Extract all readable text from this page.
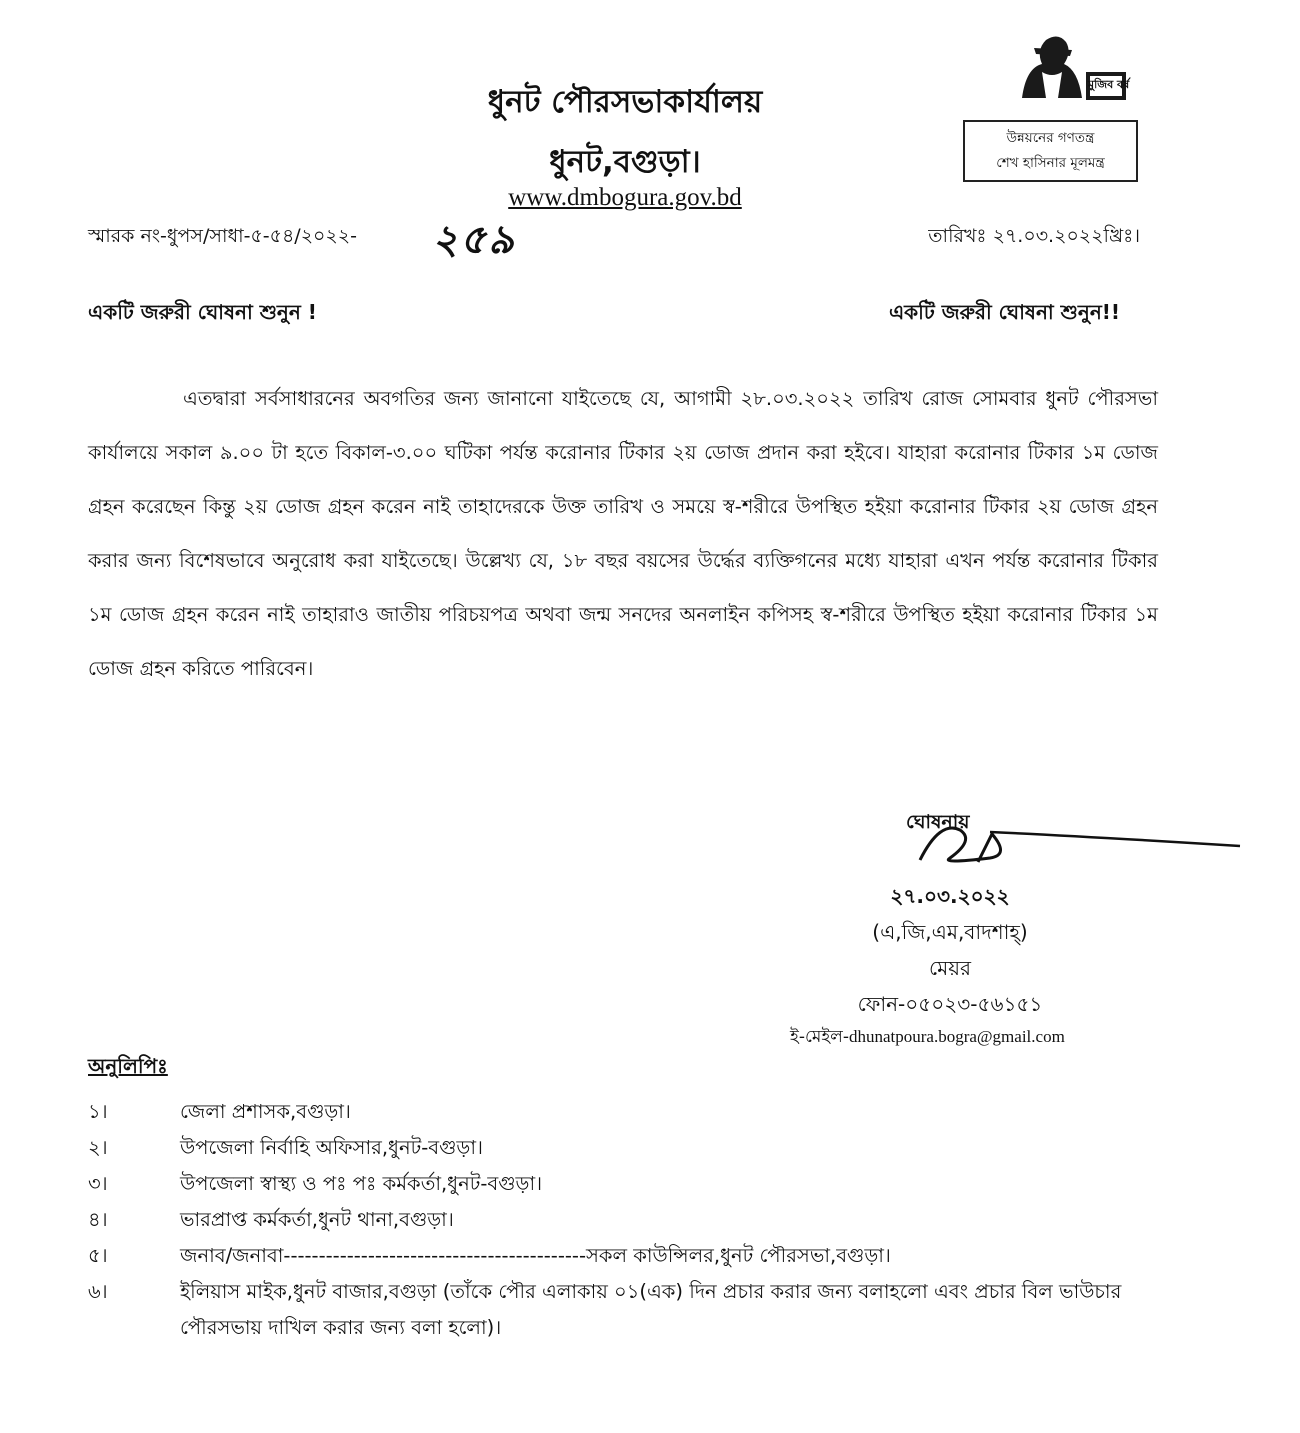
মুজিব বর্ষ
উন্নয়নের গণতন্ত্র
শেখ হাসিনার মূলমন্ত্র
ধুনট পৌরসভাকার্যালয়
ধুনট,বগুড়া।
www.dmbogura.gov.bd
স্মারক নং-ধুপস/সাধা-৫-৫৪/২০২২- ২৫৯	তারিখঃ ২৭.০৩.২০২২খ্রিঃ।
একটি জরুরী ঘোষনা শুনুন !	একটি জরুরী ঘোষনা শুনুন!!
এতদ্বারা সর্বসাধারনের অবগতির জন্য জানানো যাইতেছে যে, আগামী ২৮.০৩.২০২২ তারিখ রোজ সোমবার ধুনট পৌরসভা কার্যালয়ে সকাল ৯.০০ টা হতে বিকাল-৩.০০ ঘটিকা পর্যন্ত করোনার টিকার ২য় ডোজ প্রদান করা হইবে। যাহারা করোনার টিকার ১ম ডোজ গ্রহন করেছেন কিন্তু ২য় ডোজ গ্রহন করেন নাই তাহাদেরকে উক্ত তারিখ ও সময়ে স্ব-শরীরে উপস্থিত হইয়া করোনার টিকার ২য় ডোজ গ্রহন করার জন্য বিশেষভাবে অনুরোধ করা যাইতেছে। উল্লেখ্য যে, ১৮ বছর বয়সের উর্দ্ধের ব্যক্তিগনের মধ্যে যাহারা এখন পর্যন্ত করোনার টিকার ১ম ডোজ গ্রহন করেন নাই তাহারাও জাতীয় পরিচয়পত্র অথবা জন্ম সনদের অনলাইন কপিসহ স্ব-শরীরে উপস্থিত হইয়া করোনার টিকার ১ম ডোজ গ্রহন করিতে পারিবেন।
ঘোষনায়
২৭.০৩.২০২২
(এ,জি,এম,বাদশাহ্)
মেয়র
ফোন-০৫০২৩-৫৬১৫১
ই-মেইল-dhunatpoura.bogra@gmail.com
অনুলিপিঃ
১।	জেলা প্রশাসক,বগুড়া।
২।	উপজেলা নির্বাহি অফিসার,ধুনট-বগুড়া।
৩।	উপজেলা স্বাস্থ্য ও পঃ পঃ কর্মকর্তা,ধুনট-বগুড়া।
৪।	ভারপ্রাপ্ত কর্মকর্তা,ধুনট থানা,বগুড়া।
৫।	জনাব/জনাবা-------------------------------------------সকল কাউন্সিলর,ধুনট পৌরসভা,বগুড়া।
৬।	ইলিয়াস মাইক,ধুনট বাজার,বগুড়া (তাঁকে পৌর এলাকায় ০১(এক) দিন প্রচার করার জন্য বলাহলো এবং প্রচার বিল ভাউচার পৌরসভায় দাখিল করার জন্য বলা হলো)।
